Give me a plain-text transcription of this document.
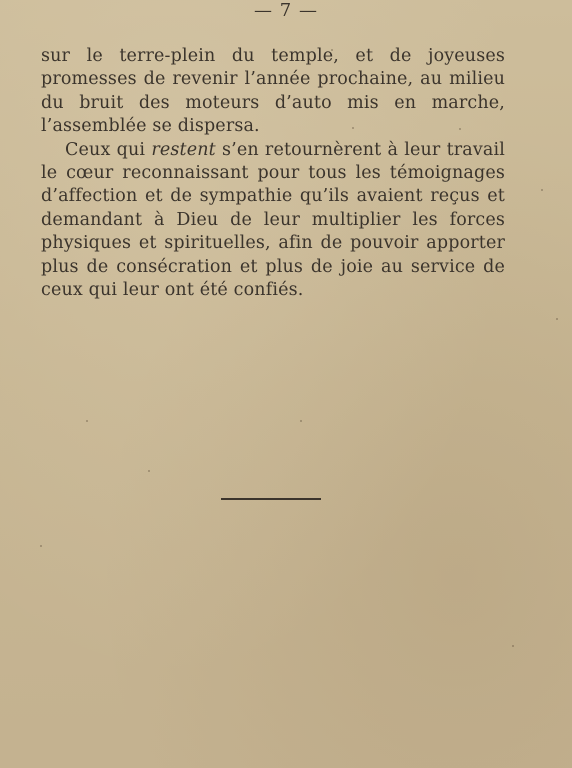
— 7 —

sur le terre-plein du temple, et de joyeuses promesses de revenir l’année prochaine, au milieu du bruit des moteurs d’auto mis en marche, l’assemblée se dispersa.

Ceux qui restent s’en retournèrent à leur travail le cœur reconnaissant pour tous les témoignages d’affection et de sympathie qu’ils avaient reçus et demandant à Dieu de leur multiplier les forces physiques et spirituelles, afin de pouvoir apporter plus de consécration et plus de joie au service de ceux qui leur ont été confiés.
